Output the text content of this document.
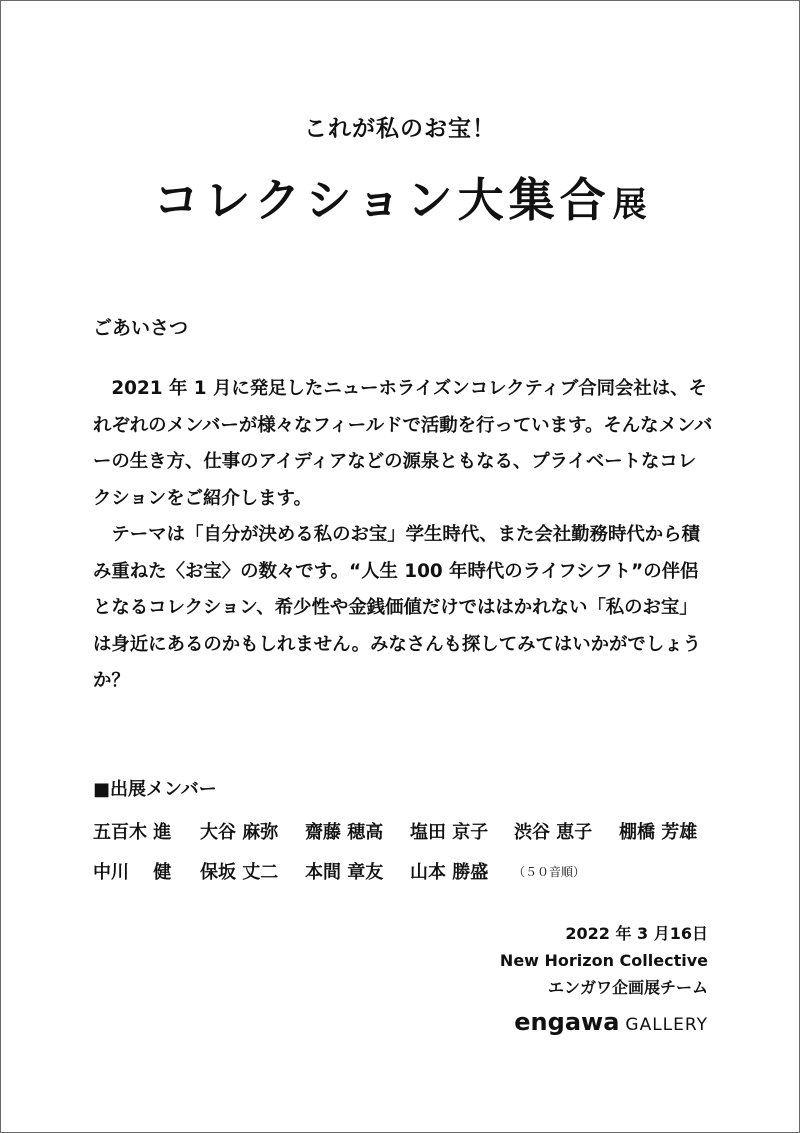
これが私のお宝！
コレクション大集合展
ごあいさつ

2021 年 1 月に発足したニューホライズンコレクティブ合同会社は、それぞれのメンバーが様々なフィールドで活動を行っています。そんなメンバーの生き方、仕事のアイディアなどの源泉ともなる、プライベートなコレクションをご紹介します。

テーマは「自分が決める私のお宝」学生時代、また会社勤務時代から積み重ねた〈お宝〉の数々です。“人生 100 年時代のライフシフト”の伴侶となるコレクション、希少性や金銭価値だけでははかれない「私のお宝」は身近にあるのかもしれません。みなさんも探してみてはいかがでしょうか？

■出展メンバー
五百木 進 大谷 麻弥 齋藤 穂高 塩田 京子 渋谷 恵子 棚橋 芳雄
中川　 健 保坂 丈二 本間 章友 山本 勝盛 （５０音順）
2022 年 3 月16日
New Horizon Collective
エンガワ企画展チーム
engawa GALLERY
